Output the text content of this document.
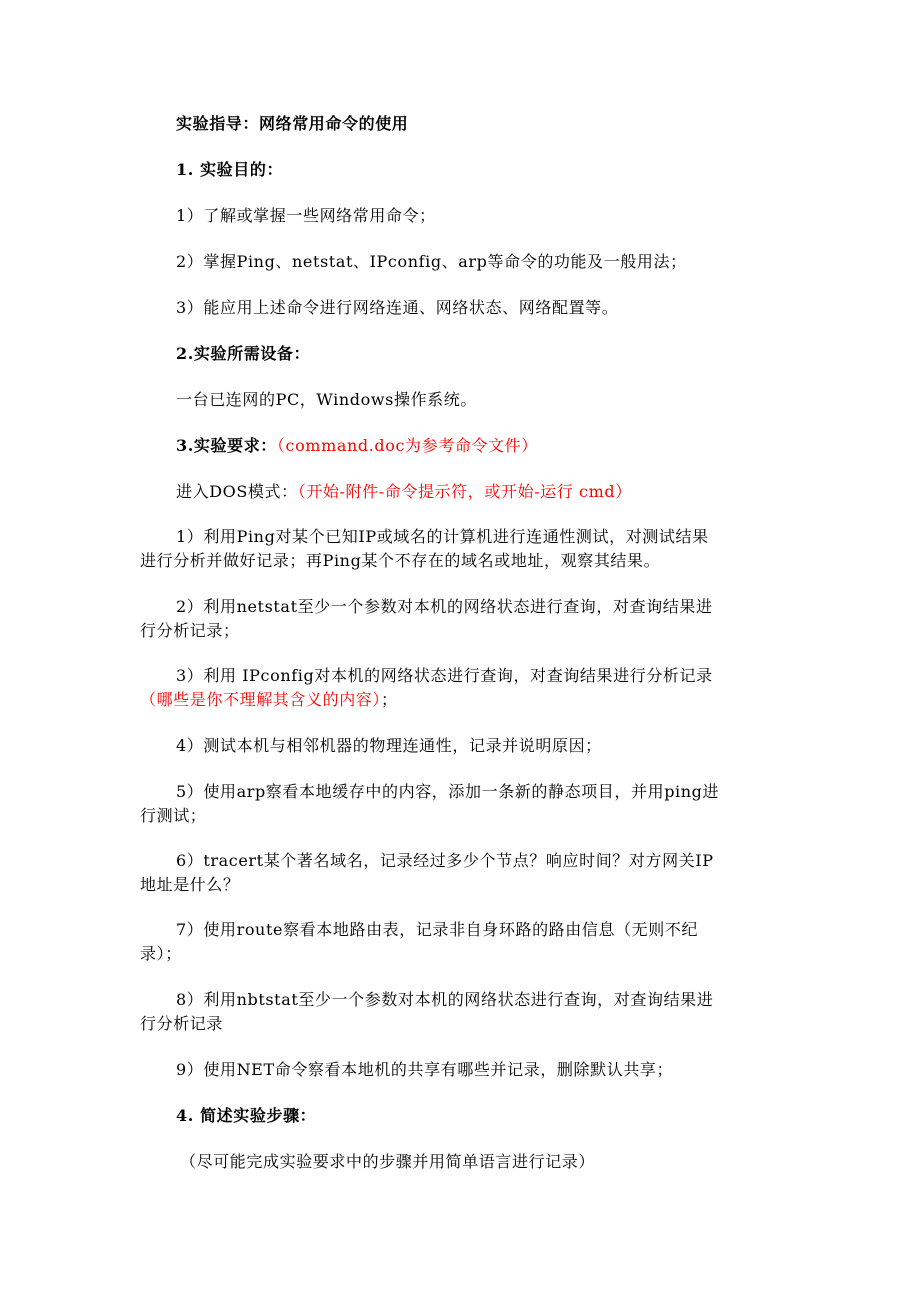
实验指导：网络常用命令的使用
1. 实验目的：
1）了解或掌握一些网络常用命令；
2）掌握Ping、netstat、IPconfig、arp等命令的功能及一般用法；
3）能应用上述命令进行网络连通、网络状态、网络配置等。
2.实验所需设备：
一台已连网的PC，Windows操作系统。
3.实验要求：（command.doc为参考命令文件）
进入DOS模式：（开始-附件-命令提示符，或开始-运行 cmd）
1）利用Ping对某个已知IP或域名的计算机进行连通性测试，对测试结果
进行分析并做好记录；再Ping某个不存在的域名或地址，观察其结果。
2）利用netstat至少一个参数对本机的网络状态进行查询，对查询结果进
行分析记录；
3）利用 IPconfig对本机的网络状态进行查询，对查询结果进行分析记录
（哪些是你不理解其含义的内容）；
4）测试本机与相邻机器的物理连通性，记录并说明原因；
5）使用arp察看本地缓存中的内容，添加一条新的静态项目，并用ping进
行测试；
6）tracert某个著名域名，记录经过多少个节点？响应时间？对方网关IP
地址是什么？
7）使用route察看本地路由表，记录非自身环路的路由信息（无则不纪
录）；
8）利用nbtstat至少一个参数对本机的网络状态进行查询，对查询结果进
行分析记录
9）使用NET命令察看本地机的共享有哪些并记录，删除默认共享；
4. 简述实验步骤：
（尽可能完成实验要求中的步骤并用简单语言进行记录）
